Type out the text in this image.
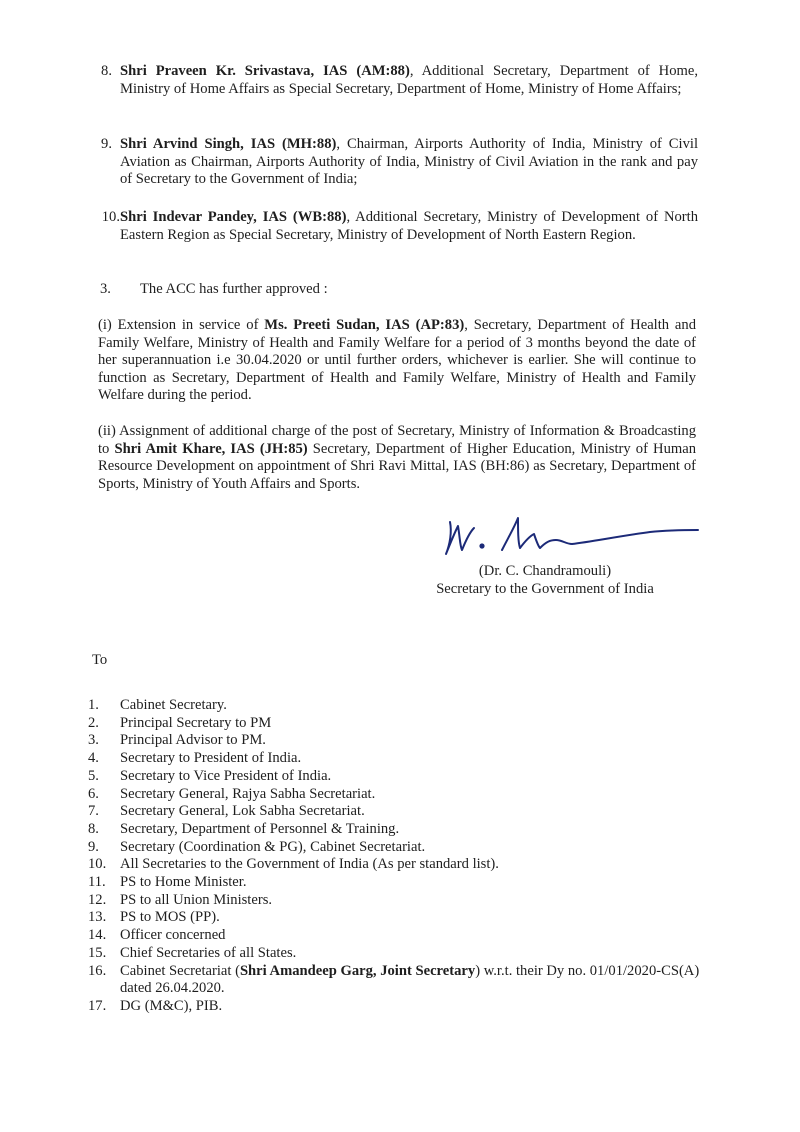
8. Shri Praveen Kr. Srivastava, IAS (AM:88), Additional Secretary, Department of Home, Ministry of Home Affairs as Special Secretary, Department of Home, Ministry of Home Affairs;
9. Shri Arvind Singh, IAS (MH:88), Chairman, Airports Authority of India, Ministry of Civil Aviation as Chairman, Airports Authority of India, Ministry of Civil Aviation in the rank and pay of Secretary to the Government of India;
10. Shri Indevar Pandey, IAS (WB:88), Additional Secretary, Ministry of Development of North Eastern Region as Special Secretary, Ministry of Development of North Eastern Region.
3. The ACC has further approved :
(i) Extension in service of Ms. Preeti Sudan, IAS (AP:83), Secretary, Department of Health and Family Welfare, Ministry of Health and Family Welfare for a period of 3 months beyond the date of her superannuation i.e 30.04.2020 or until further orders, whichever is earlier. She will continue to function as Secretary, Department of Health and Family Welfare, Ministry of Health and Family Welfare during the period.
(ii) Assignment of additional charge of the post of Secretary, Ministry of Information & Broadcasting to Shri Amit Khare, IAS (JH:85) Secretary, Department of Higher Education, Ministry of Human Resource Development on appointment of Shri Ravi Mittal, IAS (BH:86) as Secretary, Department of Sports, Ministry of Youth Affairs and Sports.
(Dr. C. Chandramouli)
Secretary to the Government of India
To
1.	Cabinet Secretary.
2.	Principal Secretary to PM
3.	Principal Advisor to PM.
4.	Secretary to President of India.
5.	Secretary to Vice President of India.
6.	Secretary General, Rajya Sabha Secretariat.
7.	Secretary General, Lok Sabha Secretariat.
8.	Secretary, Department of Personnel & Training.
9.	Secretary (Coordination & PG), Cabinet Secretariat.
10. All Secretaries to the Government of India (As per standard list).
11. PS to Home Minister.
12. PS to all Union Ministers.
13. PS to MOS (PP).
14. Officer concerned
15. Chief Secretaries of all States.
16. Cabinet Secretariat (Shri Amandeep Garg, Joint Secretary) w.r.t. their Dy no. 01/01/2020-CS(A) dated 26.04.2020.
17. DG (M&C), PIB.
